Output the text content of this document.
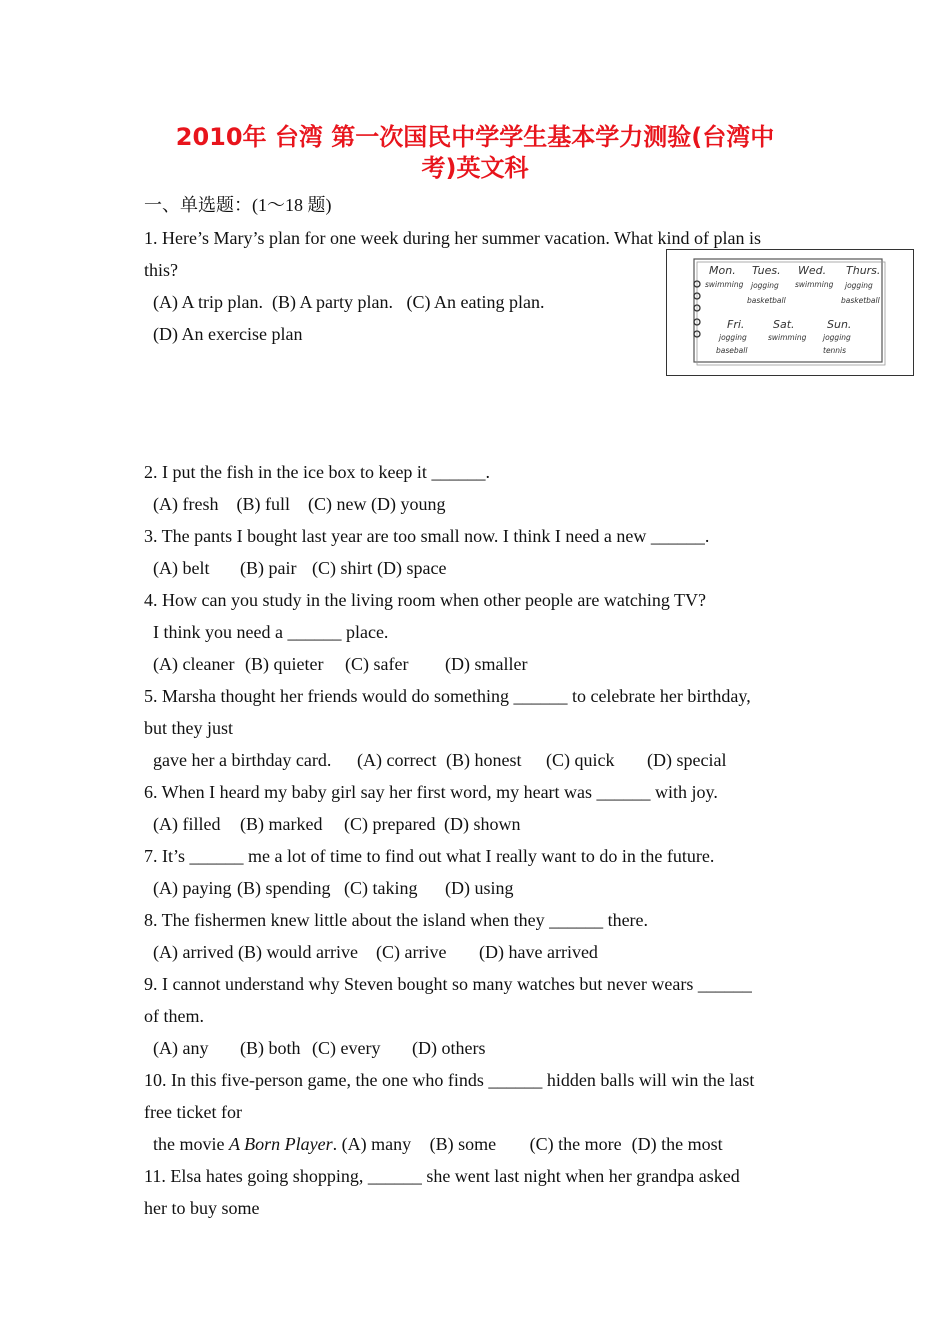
2010年 台湾 第一次国民中学学生基本学力测验(台湾中
考)英文科
一、单选题：(1～18 题)
1. Here’s Mary’s plan for one week during her summer vacation. What kind of plan is
this?
(A) A trip plan. (B) A party plan. (C) An eating plan.
(D) An exercise plan
Mon.
swimming
Tues.
jogging
basketball
Wed.
swimming
Thurs.
jogging
basketball
Fri.
jogging
baseball
Sat.
swimming
Sun.
jogging
tennis
2. I put the fish in the ice box to keep it ______.
(A) fresh (B) full (C) new (D) young
3. The pants I bought last year are too small now. I think I need a new ______.
(A) belt (B) pair (C) shirt (D) space
4. How can you study in the living room when other people are watching TV?
I think you need a ______ place.
(A) cleaner (B) quieter (C) safer (D) smaller
5. Marsha thought her friends would do something ______ to celebrate her birthday,
but they just
gave her a birthday card. (A) correct (B) honest (C) quick (D) special
6. When I heard my baby girl say her first word, my heart was ______ with joy.
(A) filled (B) marked (C) prepared (D) shown
7. It’s ______ me a lot of time to find out what I really want to do in the future.
(A) paying (B) spending (C) taking (D) using
8. The fishermen knew little about the island when they ______ there.
(A) arrived (B) would arrive (C) arrive (D) have arrived
9. I cannot understand why Steven bought so many watches but never wears ______
of them.
(A) any (B) both (C) every (D) others
10. In this five-person game, the one who finds ______ hidden balls will win the last
free ticket for
the movie A Born Player. (A) many (B) some (C) the more (D) the most
11. Elsa hates going shopping, ______ she went last night when her grandpa asked
her to buy some
